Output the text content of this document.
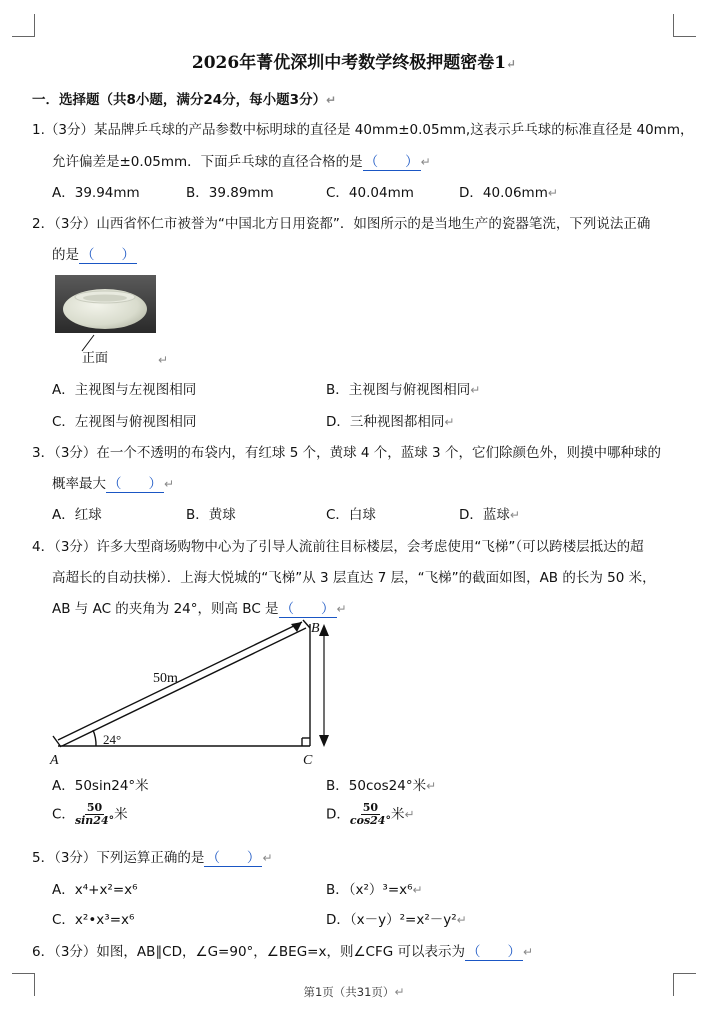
2026年菁优深圳中考数学终极押题密卷1↵
一．选择题（共8小题，满分24分，每小题3分）↵
1.（3分）某品牌乒乓球的产品参数中标明球的直径是 40mm±0.05mm,这表示乒乓球的标准直径是 40mm，
允许偏差是±0.05mm．下面乒乓球的直径合格的是 （　　） ↵
A．39.94mm	B．39.89mm	C．40.04mm	D．40.06mm↵
2．（3分）山西省怀仁市被誉为“中国北方日用瓷都”．如图所示的是当地生产的瓷器笔洗，下列说法正确
的是 （　　）
正面	↵
A．主视图与左视图相同	B．主视图与俯视图相同↵
C．左视图与俯视图相同	D．三种视图都相同↵
3．（3分）在一个不透明的布袋内，有红球 5 个，黄球 4 个，蓝球 3 个，它们除颜色外，则摸中哪种球的
概率最大 （　　） ↵
A．红球	B．黄球	C．白球	D．蓝球↵
4．（3分）许多大型商场购物中心为了引导人流前往目标楼层，会考虑使用“飞梯”（可以跨楼层抵达的超
高超长的自动扶梯）．上海大悦城的“飞梯”从 3 层直达 7 层，“飞梯”的截面如图，AB 的长为 50 米，
AB 与 AC 的夹角为 24°，则高 BC 是 （　　） ↵
50m
24°
A
B
C
A．50sin24°米	B．50cos24°米↵
C． $\frac{50}{\sin 24^\circ}$ 米	D． $\frac{50}{\cos 24^\circ}$ 米↵
5．（3分）下列运算正确的是 （　　） ↵
A．x⁴+x²=x⁶	B．（x²）³=x⁶↵
C．x²•x³=x⁶	D．（x－y）²=x²－y²↵
6．（3分）如图，AB∥CD，∠G=90°，∠BEG=x，则∠CFG 可以表示为 （　　） ↵
第1页（共31页）↵
